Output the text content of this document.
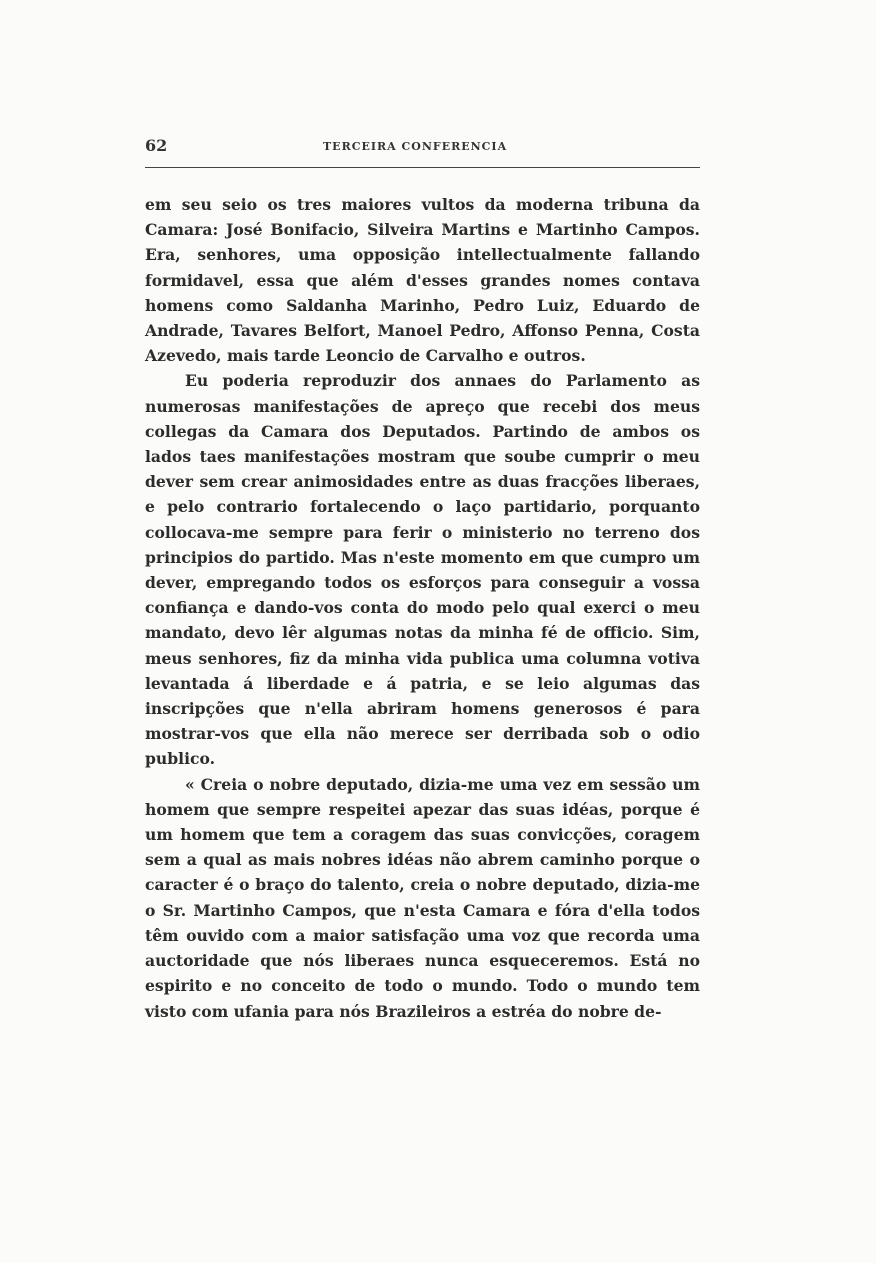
62	TERCEIRA CONFERENCIA

em seu seio os tres maiores vultos da moderna tribuna da Camara: José Bonifacio, Silveira Martins e Martinho Campos. Era, senhores, uma opposição intellectualmente fallando formidavel, essa que além d'esses grandes nomes contava homens como Saldanha Marinho, Pedro Luiz, Eduardo de Andrade, Tavares Belfort, Manoel Pedro, Affonso Penna, Costa Azevedo, mais tarde Leoncio de Carvalho e outros.

Eu poderia reproduzir dos annaes do Parlamento as numerosas manifestações de apreço que recebi dos meus collegas da Camara dos Deputados. Partindo de ambos os lados taes manifestações mostram que soube cumprir o meu dever sem crear animosidades entre as duas fracções liberaes, e pelo contrario fortalecendo o laço partidario, porquanto collocava-me sempre para ferir o ministerio no terreno dos principios do partido. Mas n'este momento em que cumpro um dever, empregando todos os esforços para conseguir a vossa confiança e dando-vos conta do modo pelo qual exerci o meu mandato, devo lêr algumas notas da minha fé de officio. Sim, meus senhores, fiz da minha vida publica uma columna votiva levantada á liberdade e á patria, e se leio algumas das inscripções que n'ella abriram homens generosos é para mostrar-vos que ella não merece ser derribada sob o odio publico.

« Creia o nobre deputado, dizia-me uma vez em sessão um homem que sempre respeitei apezar das suas idéas, porque é um homem que tem a coragem das suas convicções, coragem sem a qual as mais nobres idéas não abrem caminho porque o caracter é o braço do talento, creia o nobre deputado, dizia-me o Sr. Martinho Campos, que n'esta Camara e fóra d'ella todos têm ouvido com a maior satisfação uma voz que recorda uma auctoridade que nós liberaes nunca esqueceremos. Está no espirito e no conceito de todo o mundo. Todo o mundo tem visto com ufania para nós Brazileiros a estréa do nobre de-
